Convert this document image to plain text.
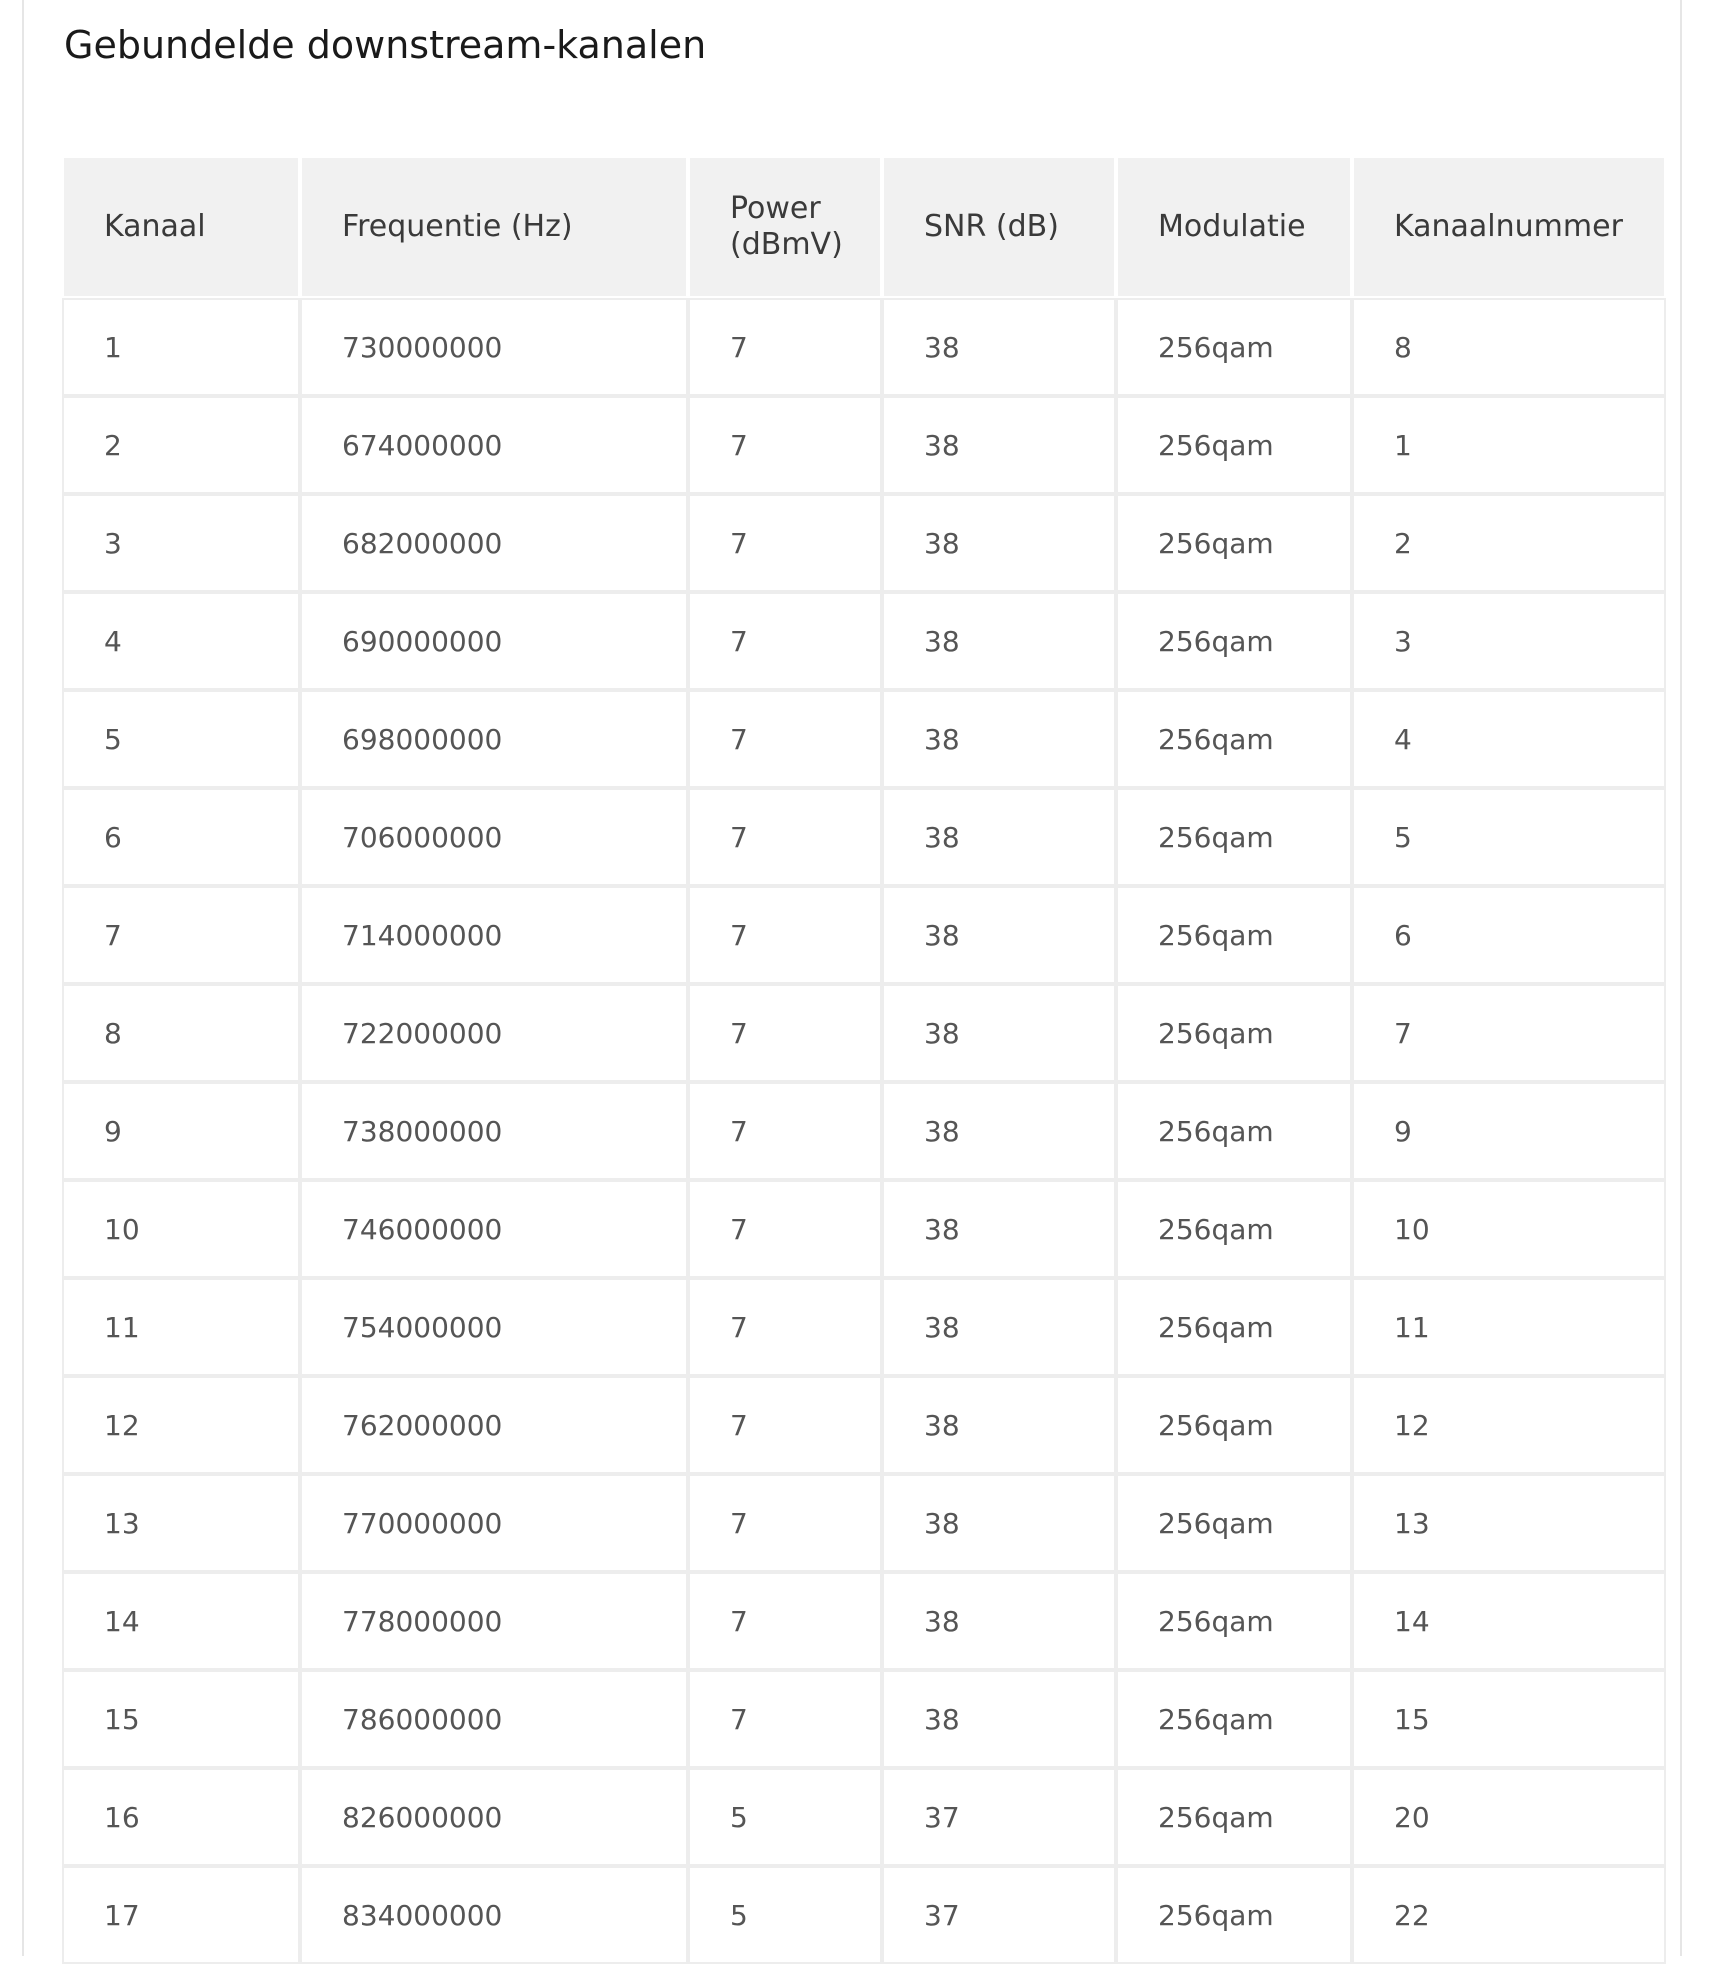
Gebundelde downstream-kanalen
Kanaal	Frequentie (Hz)	Power (dBmV)	SNR (dB)	Modulatie	Kanaalnummer
1	730000000	7	38	256qam	8
2	674000000	7	38	256qam	1
3	682000000	7	38	256qam	2
4	690000000	7	38	256qam	3
5	698000000	7	38	256qam	4
6	706000000	7	38	256qam	5
7	714000000	7	38	256qam	6
8	722000000	7	38	256qam	7
9	738000000	7	38	256qam	9
10	746000000	7	38	256qam	10
11	754000000	7	38	256qam	11
12	762000000	7	38	256qam	12
13	770000000	7	38	256qam	13
14	778000000	7	38	256qam	14
15	786000000	7	38	256qam	15
16	826000000	5	37	256qam	20
17	834000000	5	37	256qam	22
